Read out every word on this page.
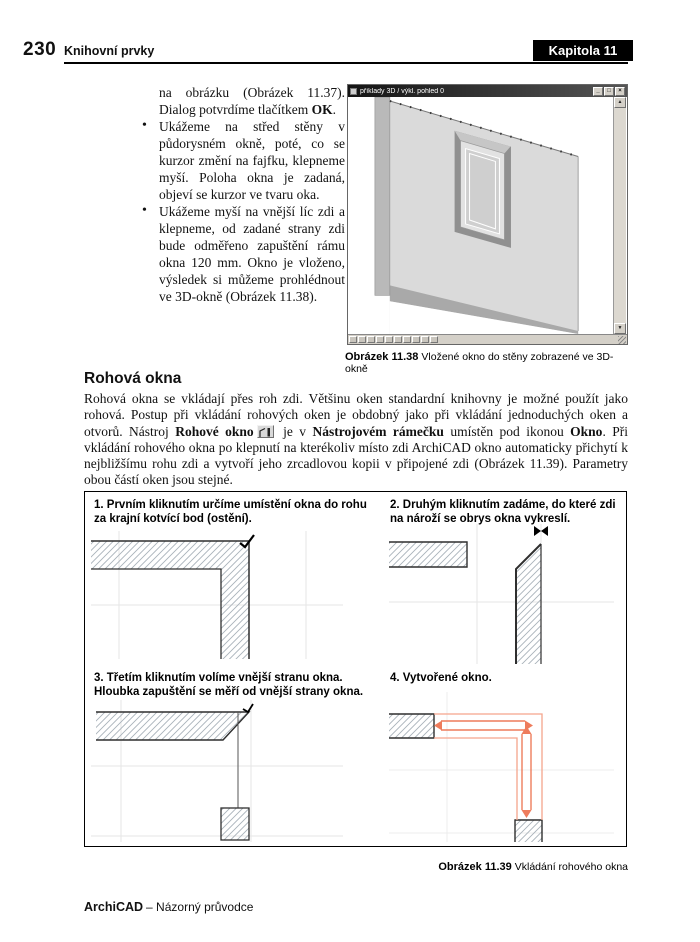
230 Knihovní prvky	Kapitola 11
na obrázku (Obrázek 11.37). Dialog potvrdíme tlačítkem OK.
• Ukážeme na střed stěny v půdorysném okně, poté, co se kurzor změní na fajfku, klepneme myší. Poloha okna je zadaná, objeví se kurzor ve tvaru oka.
• Ukážeme myší na vnější líc zdi a klepneme, od zadané strany zdi bude odměřeno zapuštění rámu okna 120 mm. Okno je vloženo, výsledek si můžeme prohlédnout ve 3D-okně (Obrázek 11.38).
příklady 3D / výkl. pohled 0	_	□	×
▲
▼
Obrázek 11.38 Vložené okno do stěny zobrazené ve 3D-okně
Rohová okna
Rohová okna se vkládají přes roh zdi. Většinu oken standardní knihovny je možné použít jako rohová. Postup při vkládání rohových oken je obdobný jako při vkládání jednoduchých oken a otvorů. Nástroj Rohové okno je v Nástrojovém rámečku umístěn pod ikonou Okno. Při vkládání rohového okna po klepnutí na kterékoliv místo zdi ArchiCAD okno automaticky přichytí k nejbližšímu rohu zdi a vytvoří jeho zrcadlovou kopii v připojené zdi (Obrázek 11.39). Parametry obou částí oken jsou stejné.
1. Prvním kliknutím určíme umístění okna do rohu za krajní kotvící bod (ostění).
2. Druhým kliknutím zadáme, do které zdi na nároží se obrys okna vykreslí.
3. Třetím kliknutím volíme vnější stranu okna. Hloubka zapuštění se měří od vnější strany okna.
4. Vytvořené okno.
Obrázek 11.39 Vkládání rohového okna
ArchiCAD – Názorný průvodce
